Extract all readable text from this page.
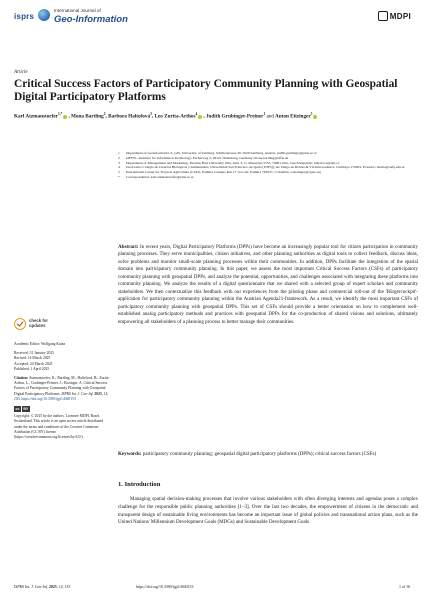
isprs
International Journal of
Geo-Information	MDPI
Article
Critical Success Factors of Participatory Community Planning with Geospatial Digital Participatory Platforms
Karl Atzmanstorfer$^{1,*}$ , Mona Bartling$^2$, Barbora Haltofová$^3$, Leo Zurita-Arthos$^4$ , Judith Grubinger-Preiner$^1$ and Anton Eitzinger$^5$
1	Department of Geoinformatics Z_GIS, University of Salzburg, Schillerstrasse 30, 5020 Salzburg, Austria; judith.grubinger@plus.ac.at
2	OFFIS—Institute for Information Technology, Escherweg 2, 26121 Oldenburg, Germany; mona.bartling@offis.de
3	Department of Management and Marketing, Thomas Bata University Zlín, nám. T. G. Masaryka 5555, 76001 Zlín, Czech Republic; haltofova@utb.cz
4	GeoCentro Colegio de Ciencias Biológicas y Ambientales, Universidad San Francisco de Quito (USFQ), Av. Diego de Robles & Vía Interoceánica, Cumbayá 170901, Ecuador; lzurita@usfq.edu.ec
5	International Center for Tropical Agriculture (CIAT), Palmira Campus Km 17 vía Cali, Palmira 763537, Colombia; a.eitzinger@cgiar.org
*	Correspondence: karl.atzmanstorfer@plus.ac.at
Abstract: In recent years, Digital Participatory Platforms (DPPs) have become an increasingly popular tool for citizen participation in community planning processes. They serve municipalities, citizen initiatives, and other planning authorities as digital tools to collect feedback, discuss ideas, solve problems and monitor small-scale planning processes within their communities. In addition, DPPs facilitate the integration of the spatial domain into participatory community planning. In this paper, we assess the most important Critical Success Factors (CSFs) of participatory community planning with geospatial DPPs, and analyze the potential, opportunities, and challenges associated with integrating these platforms into community planning. We analyze the results of a digital questionnaire that we shared with a selected group of expert scholars and community stakeholders. We then contextualize this feedback with our experiences from the piloting phase and commercial roll-out of the 'Bürgercockpit'-application for participatory community planning within the Austrian Agenda21-framework. As a result, we identify the most important CSFs of participatory community planning with geospatial DPPs. This set of CSFs should provide a better orientation on how to complement well-established analog participatory methods and practices with geospatial DPPs for the co-production of shared visions and solutions, ultimately empowering all stakeholders of a planning process to better manage their communities.
Keywords: participatory community planning; geospatial digital participatory platforms (DPPs); critical success factors (CSFs)
check for
updates
Academic Editor: Wolfgang Kainz
Received: 31 January 2025
Revised: 14 March 2025
Accepted: 24 March 2025
Published: 1 April 2025
Citation: Atzmanstorfer, K.; Bartling, M.; Haltofová, B.; Zurita-Arthos, L.; Grubinger-Preiner, J.; Eitzinger, A. Critical Success Factors of Participatory Community Planning with Geospatial Digital Participatory Platforms. ISPRS Int. J. Geo-Inf. 2025, 14, 153. https://doi.org/10.3390/ijgi14040153
cc	BY
Copyright: © 2025 by the authors. Licensee MDPI, Basel, Switzerland. This article is an open access article distributed under the terms and conditions of the Creative Commons Attribution (CC BY) license (https://creativecommons.org/licenses/by/4.0/).
1. Introduction
Managing spatial decision-making processes that involve various stakeholders with often diverging interests and agendas poses a complex challenge for the responsible public planning authorities [1–3]. Over the last two decades, the empowerment of citizens in the democratic and transparent design of sustainable living environments has become an important issue of global policies and transnational action plans, such as the United Nations' Millennium Development Goals (MDGs) and Sustainable Development Goals
ISPRS Int. J. Geo-Inf. 2025, 14, 153	https://doi.org/10.3390/ijgi14040153	1 of 16
